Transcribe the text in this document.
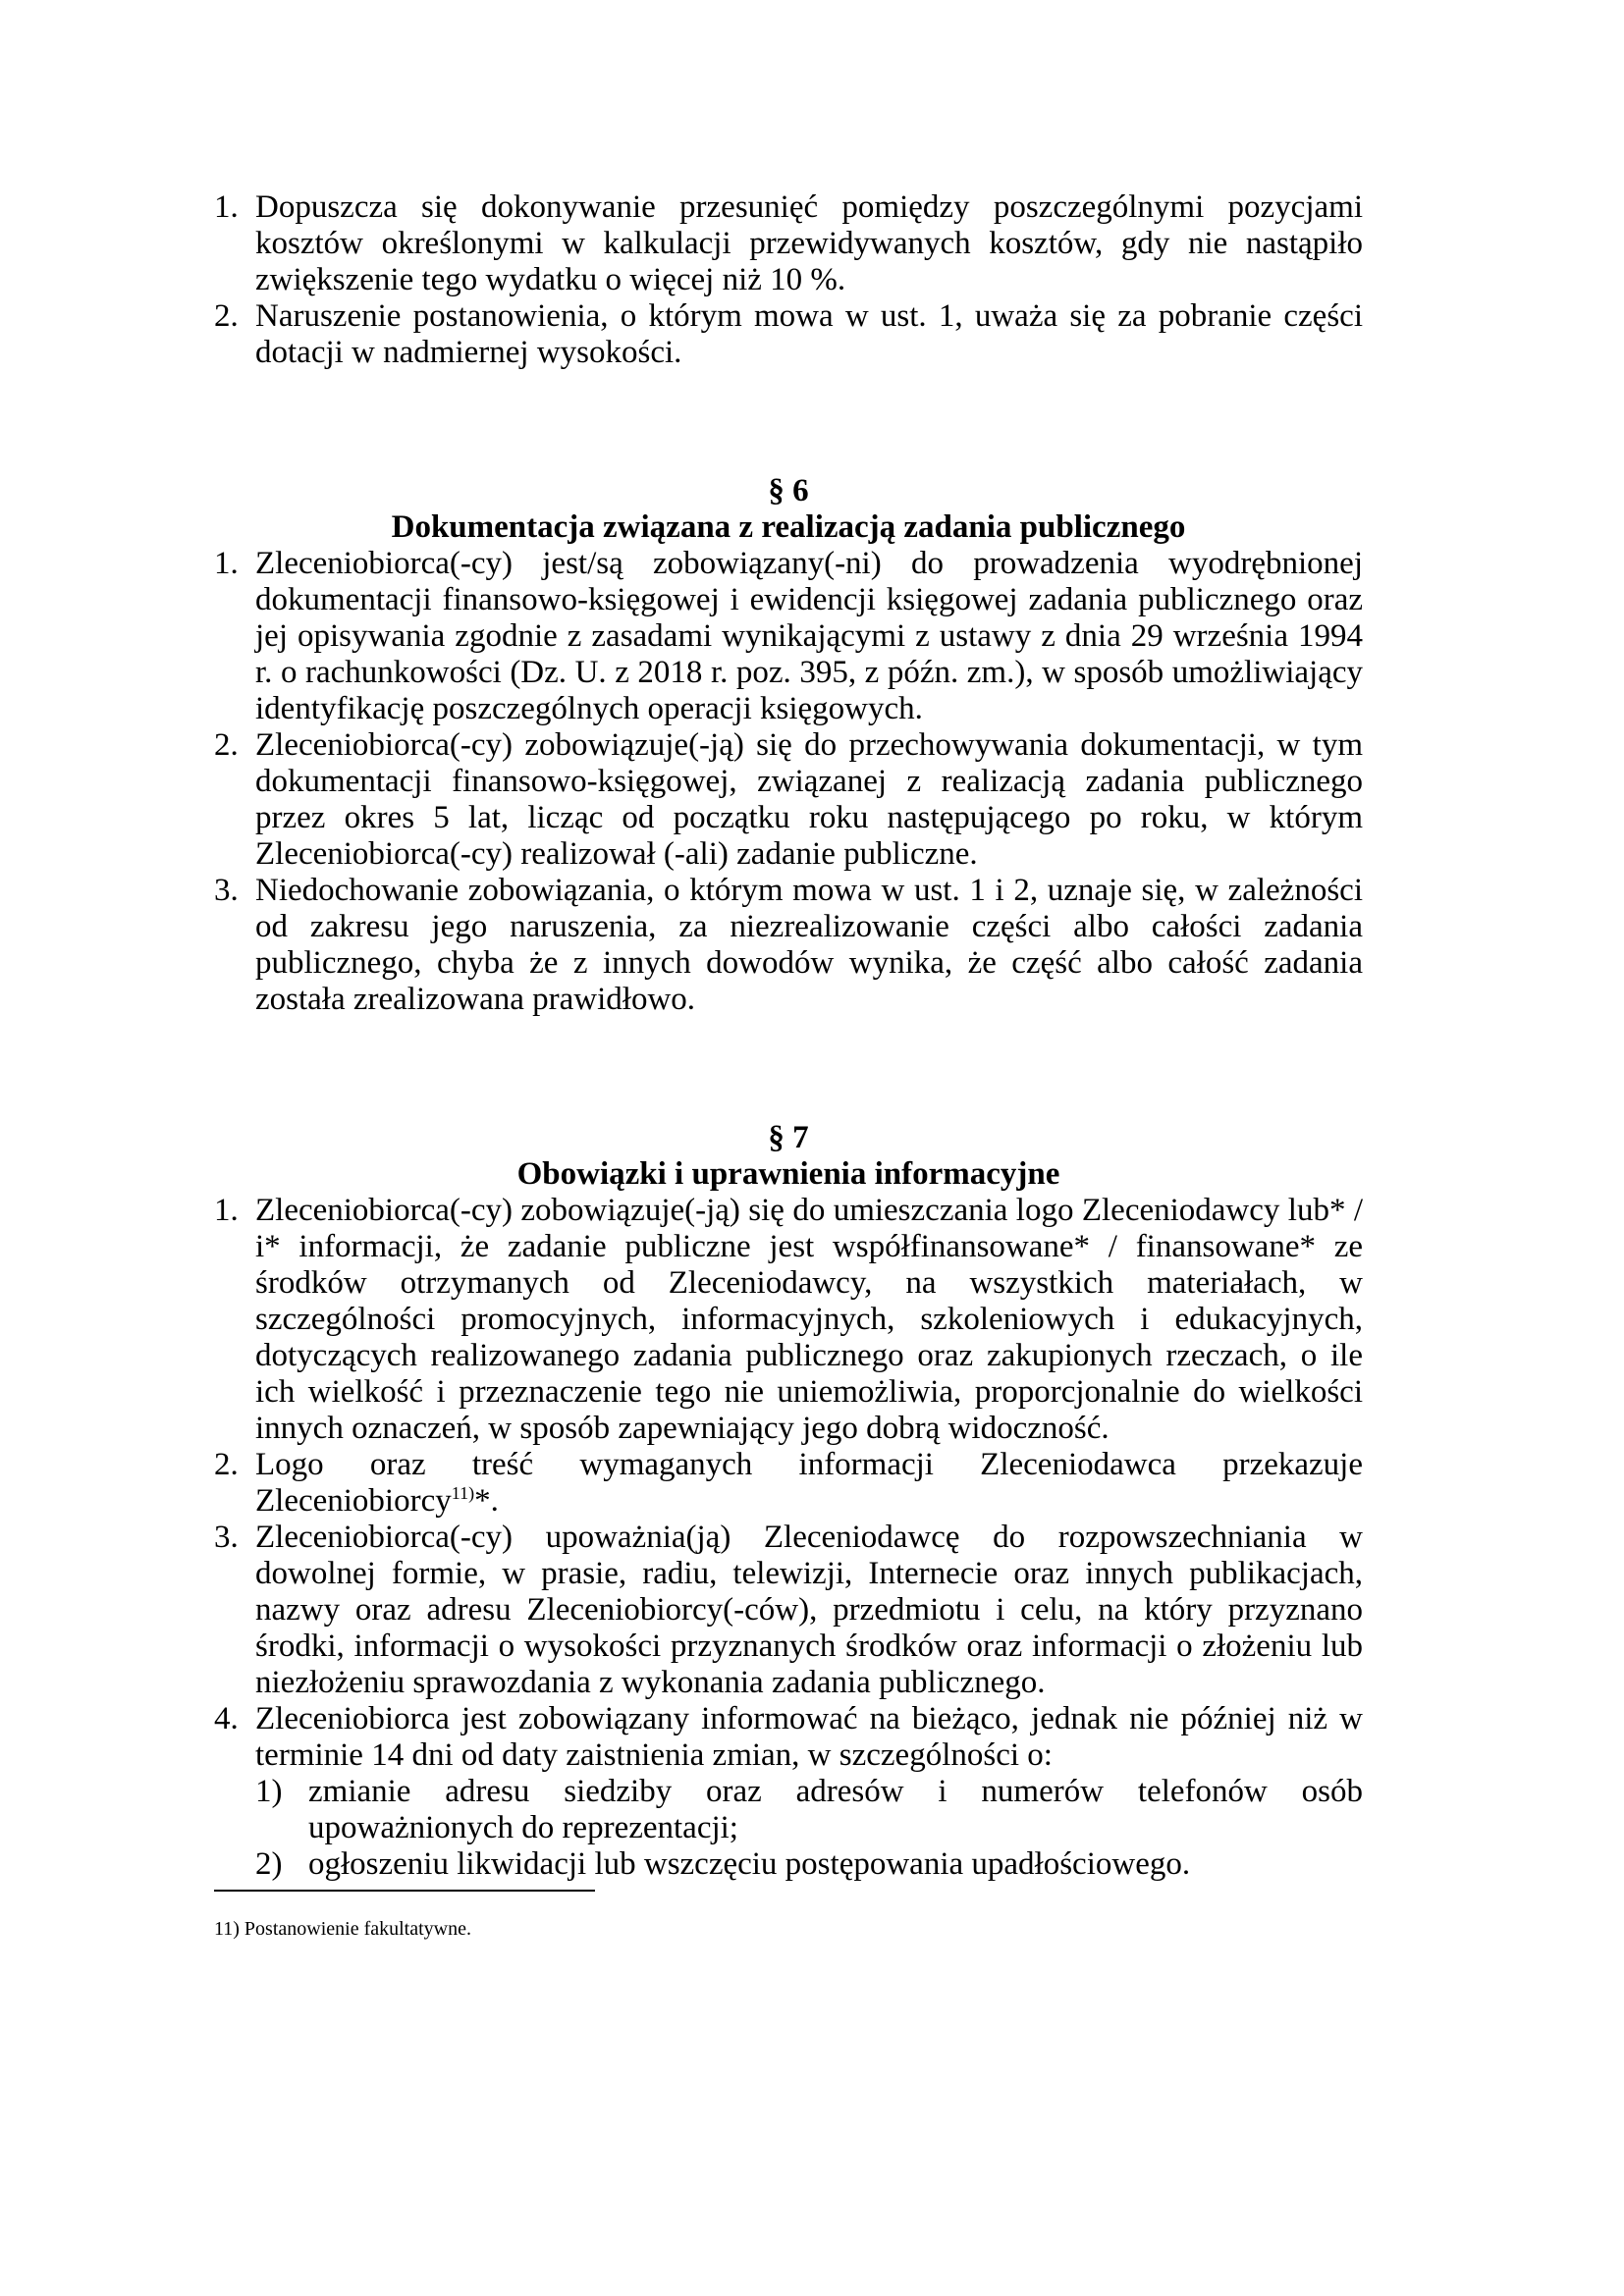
1. Dopuszcza się dokonywanie przesunięć pomiędzy poszczególnymi pozycjami kosztów określonymi w kalkulacji przewidywanych kosztów, gdy nie nastąpiło zwiększenie tego wydatku o więcej niż 10 %.
2. Naruszenie postanowienia, o którym mowa w ust. 1, uważa się za pobranie części dotacji w nadmiernej wysokości.
§ 6
Dokumentacja związana z realizacją zadania publicznego
1. Zleceniobiorca(-cy) jest/są zobowiązany(-ni) do prowadzenia wyodrębnionej dokumentacji finansowo-księgowej i ewidencji księgowej zadania publicznego oraz jej opisywania zgodnie z zasadami wynikającymi z ustawy z dnia 29 września 1994 r. o rachunkowości (Dz. U. z 2018 r. poz. 395, z późn. zm.), w sposób umożliwiający identyfikację poszczególnych operacji księgowych.
2. Zleceniobiorca(-cy) zobowiązuje(-ją) się do przechowywania dokumentacji, w tym dokumentacji finansowo-księgowej, związanej z realizacją zadania publicznego przez okres 5 lat, licząc od początku roku następującego po roku, w którym Zleceniobiorca(-cy) realizował (-ali) zadanie publiczne.
3. Niedochowanie zobowiązania, o którym mowa w ust. 1 i 2, uznaje się, w zależności od zakresu jego naruszenia, za niezrealizowanie części albo całości zadania publicznego, chyba że z innych dowodów wynika, że część albo całość zadania została zrealizowana prawidłowo.
§ 7
Obowiązki i uprawnienia informacyjne
1. Zleceniobiorca(-cy) zobowiązuje(-ją) się do umieszczania logo Zleceniodawcy lub* / i* informacji, że zadanie publiczne jest współfinansowane* / finansowane* ze środków otrzymanych od Zleceniodawcy, na wszystkich materiałach, w szczególności promocyjnych, informacyjnych, szkoleniowych i edukacyjnych, dotyczących realizowanego zadania publicznego oraz zakupionych rzeczach, o ile ich wielkość i przeznaczenie tego nie uniemożliwia, proporcjonalnie do wielkości innych oznaczeń, w sposób zapewniający jego dobrą widoczność.
2. Logo oraz treść wymaganych informacji Zleceniodawca przekazuje Zleceniobiorcy$^{11)}$*.
3. Zleceniobiorca(-cy) upoważnia(ją) Zleceniodawcę do rozpowszechniania w dowolnej formie, w prasie, radiu, telewizji, Internecie oraz innych publikacjach, nazwy oraz adresu Zleceniobiorcy(-ców), przedmiotu i celu, na który przyznano środki, informacji o wysokości przyznanych środków oraz informacji o złożeniu lub niezłożeniu sprawozdania z wykonania zadania publicznego.
4. Zleceniobiorca jest zobowiązany informować na bieżąco, jednak nie później niż w terminie 14 dni od daty zaistnienia zmian, w szczególności o:
1) zmianie adresu siedziby oraz adresów i numerów telefonów osób upoważnionych do reprezentacji;
2) ogłoszeniu likwidacji lub wszczęciu postępowania upadłościowego.
11) Postanowienie fakultatywne.
